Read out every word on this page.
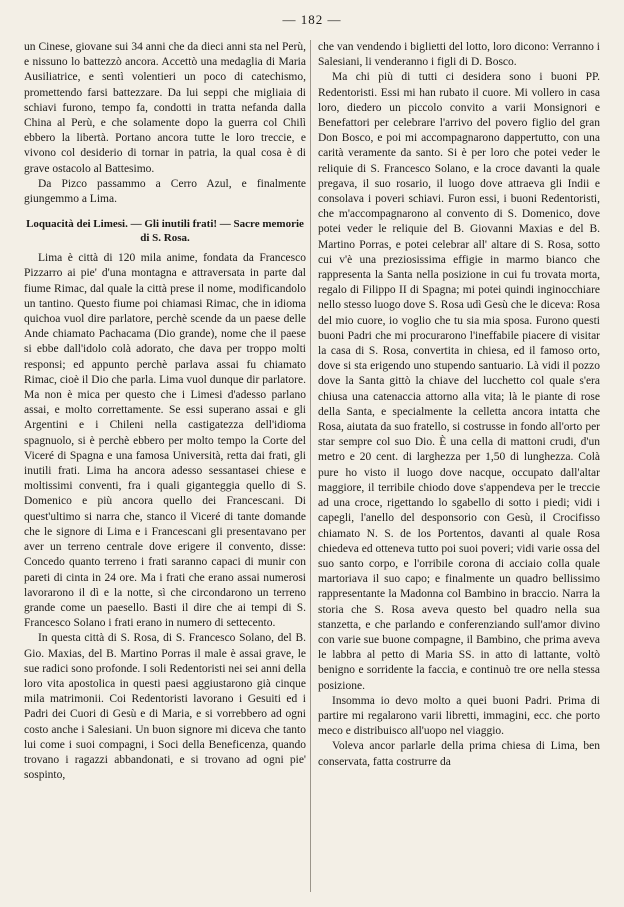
— 182 —

un Cinese, giovane sui 34 anni che da dieci anni sta nel Perù, e nissuno lo battezzò ancora. Accettò una medaglia di Maria Ausiliatrice, e sentì volentieri un poco di catechismo, promettendo farsi battezzare. Da lui seppi che migliaia di schiavi furono, tempo fa, condotti in tratta nefanda dalla China al Perù, e che solamente dopo la guerra col Chilì ebbero la libertà. Portano ancora tutte le loro treccie, e vivono col desiderio di tornar in patria, la qual cosa è di grave ostacolo al Battesimo.

Da Pizco passammo a Cerro Azul, e finalmente giungemmo a Lima.

Loquacità dei Limesi. — Gli inutili frati! — Sacre memorie di S. Rosa.

Lima è città di 120 mila anime, fondata da Francesco Pizzarro ai pie' d'una montagna e attraversata in parte dal fiume Rimac, dal quale la città prese il nome, modificandolo un tantino. Questo fiume poi chiamasi Rimac, che in idioma quichoa vuol dire parlatore, perchè scende da un paese delle Ande chiamato Pachacama (Dio grande), nome che il paese si ebbe dall'idolo colà adorato, che dava per troppo molti responsi; ed appunto perchè parlava assai fu chiamato Rimac, cioè il Dio che parla. Lima vuol dunque dir parlatore. Ma non è mica per questo che i Limesi d'adesso parlano assai, e molto correttamente. Se essi superano assai e gli Argentini e i Chileni nella castigatezza dell'idioma spagnuolo, si è perchè ebbero per molto tempo la Corte del Viceré di Spagna e una famosa Università, retta dai frati, gli inutili frati. Lima ha ancora adesso sessantasei chiese e moltissimi conventi, fra i quali giganteggia quello di S. Domenico e più ancora quello dei Francescani. Di quest'ultimo si narra che, stanco il Viceré di tante domande che le signore di Lima e i Francescani gli presentavano per aver un terreno centrale dove erigere il convento, disse: Concedo quanto terreno i frati saranno capaci di munir con pareti di cinta in 24 ore. Ma i frati che erano assai numerosi lavorarono il dì e la notte, sì che circondarono un terreno grande come un paesello. Basti il dire che ai tempi di S. Francesco Solano i frati erano in numero di settecento.

In questa città di S. Rosa, di S. Francesco Solano, del B. Gio. Maxias, del B. Martino Porras il male è assai grave, le sue radici sono profonde. I soli Redentoristi nei sei anni della loro vita apostolica in questi paesi aggiustarono già cinque mila matrimonii. Coi Redentoristi lavorano i Gesuiti ed i Padri dei Cuori di Gesù e di Maria, e si vorrebbero ad ogni costo anche i Salesiani. Un buon signore mi diceva che tanto lui come i suoi compagni, i Soci della Beneficenza, quando trovano i ragazzi abbandonati, e si trovano ad ogni pie' sospinto,

che van vendendo i biglietti del lotto, loro dicono: Verranno i Salesiani, li venderanno i figli di D. Bosco.

Ma chi più di tutti ci desidera sono i buoni PP. Redentoristi. Essi mi han rubato il cuore. Mi vollero in casa loro, diedero un piccolo convito a varii Monsignori e Benefattori per celebrare l'arrivo del povero figlio del gran Don Bosco, e poi mi accompagnarono dappertutto, con una carità veramente da santo. Si è per loro che potei veder le reliquie di S. Francesco Solano, e la croce davanti la quale pregava, il suo rosario, il luogo dove attraeva gli Indii e consolava i poveri schiavi. Furon essi, i buoni Redentoristi, che m'accompagnarono al convento di S. Domenico, dove potei veder le reliquie del B. Giovanni Maxias e del B. Martino Porras, e potei celebrar all' altare di S. Rosa, sotto cui v'è una preziosissima effigie in marmo bianco che rappresenta la Santa nella posizione in cui fu trovata morta, regalo di Filippo II di Spagna; mi potei quindi inginocchiare nello stesso luogo dove S. Rosa udì Gesù che le diceva: Rosa del mio cuore, io voglio che tu sia mia sposa. Furono questi buoni Padri che mi procurarono l'ineffabile piacere di visitar la casa di S. Rosa, convertita in chiesa, ed il famoso orto, dove si sta erigendo uno stupendo santuario. Là vidi il pozzo dove la Santa gittò la chiave del lucchetto col quale s'era chiusa una catenaccia attorno alla vita; là le piante di rose della Santa, e specialmente la celletta ancora intatta che Rosa, aiutata da suo fratello, si costrusse in fondo all'orto per star sempre col suo Dio. È una cella di mattoni crudi, d'un metro e 20 cent. di larghezza per 1,50 di lunghezza. Colà pure ho visto il luogo dove nacque, occupato dall'altar maggiore, il terribile chiodo dove s'appendeva per le treccie ad una croce, rigettando lo sgabello di sotto i piedi; vidi i capegli, l'anello del desponsorio con Gesù, il Crocifisso chiamato N. S. de los Portentos, davanti al quale Rosa chiedeva ed otteneva tutto poi suoi poveri; vidi varie ossa del suo santo corpo, e l'orribile corona di acciaio colla quale martoriava il suo capo; e finalmente un quadro bellissimo rappresentante la Madonna col Bambino in braccio. Narra la storia che S. Rosa aveva questo bel quadro nella sua stanzetta, e che parlando e conferenziando sull'amor divino con varie sue buone compagne, il Bambino, che prima aveva le labbra al petto di Maria SS. in atto di lattante, voltò benigno e sorridente la faccia, e continuò tre ore nella stessa posizione.

Insomma io devo molto a quei buoni Padri. Prima di partire mi regalarono varii libretti, immagini, ecc. che porto meco e distribuisco all'uopo nel viaggio.

Voleva ancor parlarle della prima chiesa di Lima, ben conservata, fatta costrurre da
